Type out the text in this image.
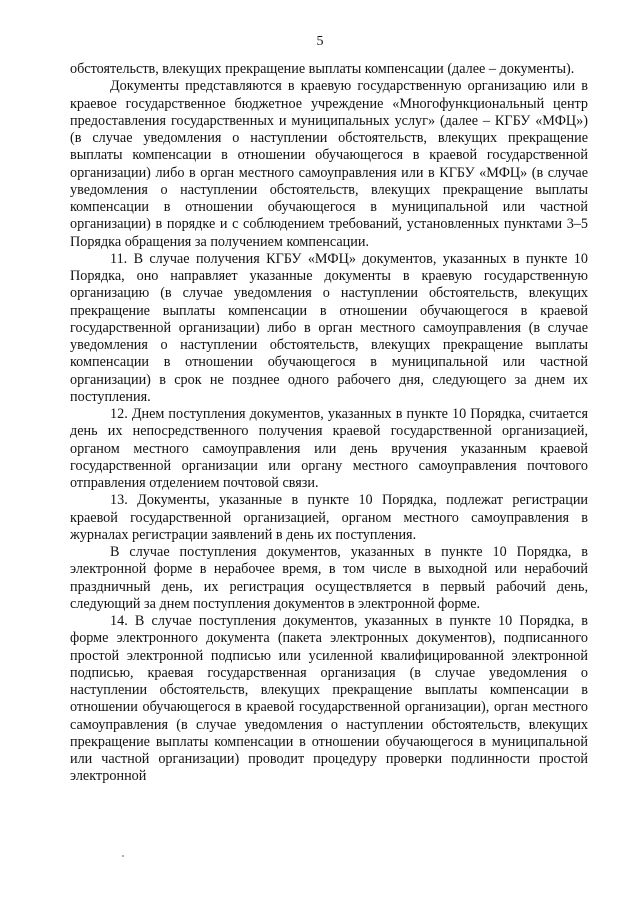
5

обстоятельств, влекущих прекращение выплаты компенсации (далее – документы).

Документы представляются в краевую государственную организацию или в краевое государственное бюджетное учреждение «Многофункциональный центр предоставления государственных и муниципальных услуг» (далее – КГБУ «МФЦ») (в случае уведомления о наступлении обстоятельств, влекущих прекращение выплаты компенсации в отношении обучающегося в краевой государственной организации) либо в орган местного самоуправления или в КГБУ «МФЦ» (в случае уведомления о наступлении обстоятельств, влекущих прекращение выплаты компенсации в отношении обучающегося в муниципальной или частной организации) в порядке и с соблюдением требований, установленных пунктами 3–5 Порядка обращения за получением компенсации.

11. В случае получения КГБУ «МФЦ» документов, указанных в пункте 10 Порядка, оно направляет указанные документы в краевую государственную организацию (в случае уведомления о наступлении обстоятельств, влекущих прекращение выплаты компенсации в отношении обучающегося в краевой государственной организации) либо в орган местного самоуправления (в случае уведомления о наступлении обстоятельств, влекущих прекращение выплаты компенсации в отношении обучающегося в муниципальной или частной организации) в срок не позднее одного рабочего дня, следующего за днем их поступления.

12. Днем поступления документов, указанных в пункте 10 Порядка, считается день их непосредственного получения краевой государственной организацией, органом местного самоуправления или день вручения указанным краевой государственной организации или органу местного самоуправления почтового отправления отделением почтовой связи.

13. Документы, указанные в пункте 10 Порядка, подлежат регистрации краевой государственной организацией, органом местного самоуправления в журналах регистрации заявлений в день их поступления.

В случае поступления документов, указанных в пункте 10 Порядка, в электронной форме в нерабочее время, в том числе в выходной или нерабочий праздничный день, их регистрация осуществляется в первый рабочий день, следующий за днем поступления документов в электронной форме.

14. В случае поступления документов, указанных в пункте 10 Порядка, в форме электронного документа (пакета электронных документов), подписанного простой электронной подписью или усиленной квалифицированной электронной подписью, краевая государственная организация (в случае уведомления о наступлении обстоятельств, влекущих прекращение выплаты компенсации в отношении обучающегося в краевой государственной организации), орган местного самоуправления (в случае уведомления о наступлении обстоятельств, влекущих прекращение выплаты компенсации в отношении обучающегося в муниципальной или частной организации) проводит процедуру проверки подлинности простой электронной
